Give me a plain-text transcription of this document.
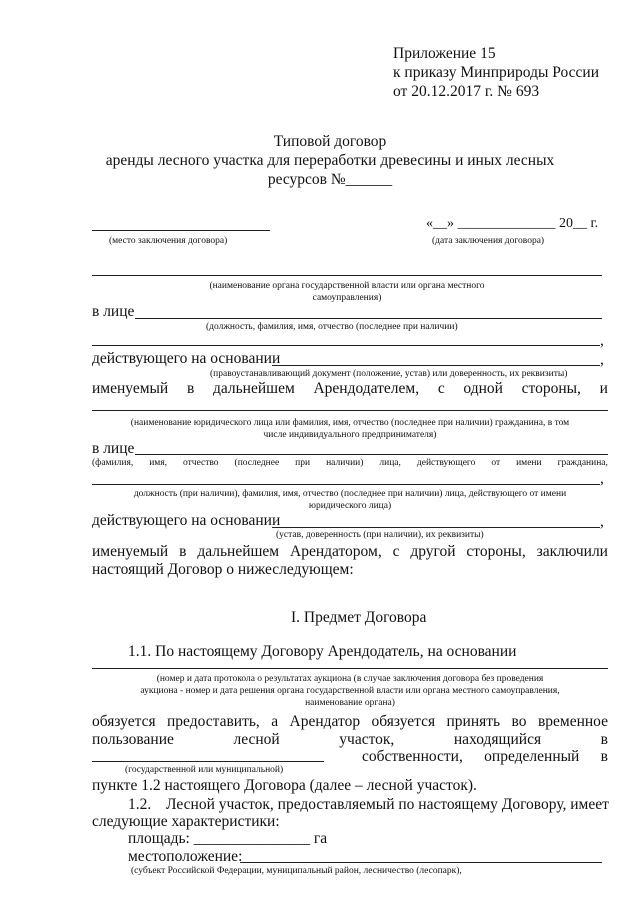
Приложение 15
к приказу Минприроды России
от 20.12.2017 г. № 693
Типовой договор
аренды лесного участка для переработки древесины и иных лесных
ресурсов №______
(место заключения договора)
«__» ______________ 20__ г.
(дата заключения договора)
(наименование органа государственной власти или органа местного
самоуправления)
в лице
(должность, фамилия, имя, отчество (последнее при наличии)
,
действующего на основании	,
(правоустанавливающий документ (положение, устав) или доверенность, их реквизиты)
именуемый в дальнейшем Арендодателем, с одной стороны, и
(наименование юридического лица или фамилия, имя, отчество (последнее при наличии) гражданина, в том
числе индивидуального предпринимателя)
в лице
(фамилия, имя, отчество (последнее при наличии) лица, действующего от имени гражданина,
,
должность (при наличии), фамилия, имя, отчество (последнее при наличии) лица, действующего от имени
юридического лица)
действующего на основании	,
(устав, доверенность (при наличии), их реквизиты)
именуемый в дальнейшем Арендатором, с другой стороны, заключили
настоящий Договор о нижеследующем:
I. Предмет Договора
1.1. По настоящему Договору Арендодатель, на основании
(номер и дата протокола о результатах аукциона (в случае заключения договора без проведения
аукциона - номер и дата решения органа государственной власти или органа местного самоуправления,
наименование органа)
обязуется предоставить, а Арендатор обязуется принять во временное
пользование	лесной	участок,	находящийся	в
собственности, определенный в
(государственной или муниципальной)
пункте 1.2 настоящего Договора (далее – лесной участок).
1.2. Лесной участок, предоставляемый по настоящему Договору, имеет
следующие характеристики:
площадь: _______________ га
местоположение:
(субъект Российской Федерации, муниципальный район, лесничество (лесопарк),
